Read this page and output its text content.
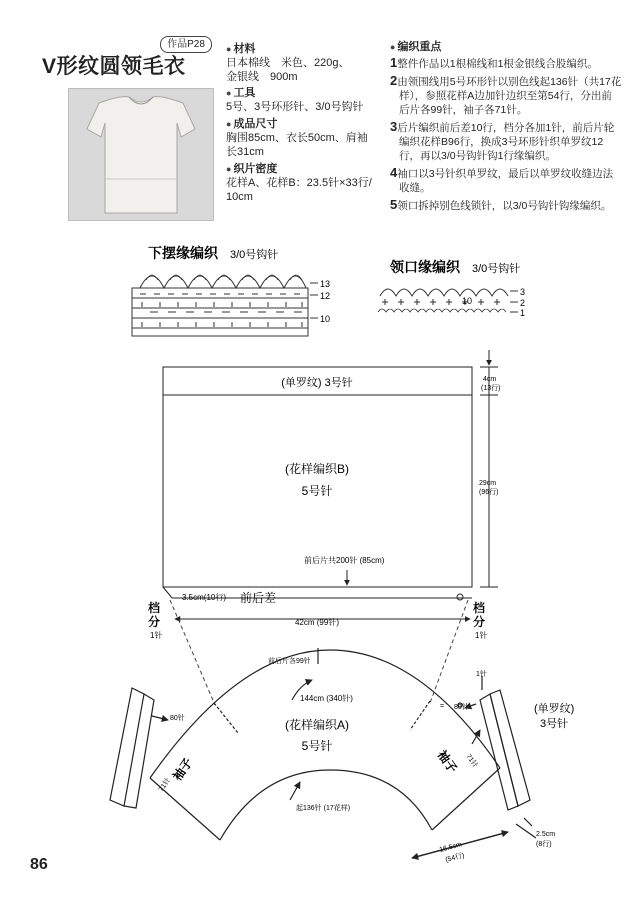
V形纹圆领毛衣
作品P28	● 材料
日本棉线　米色、220g、
金银线　900m
● 工具
5号、3号环形针、3/0号钩针
● 成品尺寸
胸围85cm、衣长50cm、肩袖
长31cm
● 织片密度
花样A、花样B：23.5针×33行/
10cm
● 编织重点
1整件作品以1根棉线和1根金银线合股编织。
2由领围线用5号环形针以别色线起136针（共17花
样），参照花样A边加针边织至第54行，分出前
后片各99针，袖子各71针。
3后片编织前后差10行，档分各加1针，前后片轮
编织花样B96行，换成3号环形针织单罗纹12
行，再以3/0号钩针钩1行缘编织。
4袖口以3号针织单罗纹，最后以单罗纹收缝边法
收缝。
5领口拆掉别色线锁针，以3/0号钩针钩缘编织。
下摆缘编织 3/0号钩针
13
12
10
领口缘编织 3/0号钩针
10
3
2
1
(单罗纹) 3号针
(花样编织B)
5号针
4cm
(13行)
29cm
(96行)
前后片共200针 (85cm)
3.5cm(10行) 前后差
42cm (99针)
档
分
1针
档
分
1针
前后片各99针
144cm (340针)
(花样编织A)
5号针
起136针 (17花样)
袖子	袖子
71针
71针
80针
=
1针
80针	(单罗纹)
3号针
2.5cm
(8行)
16.5cm
(54行)
86
